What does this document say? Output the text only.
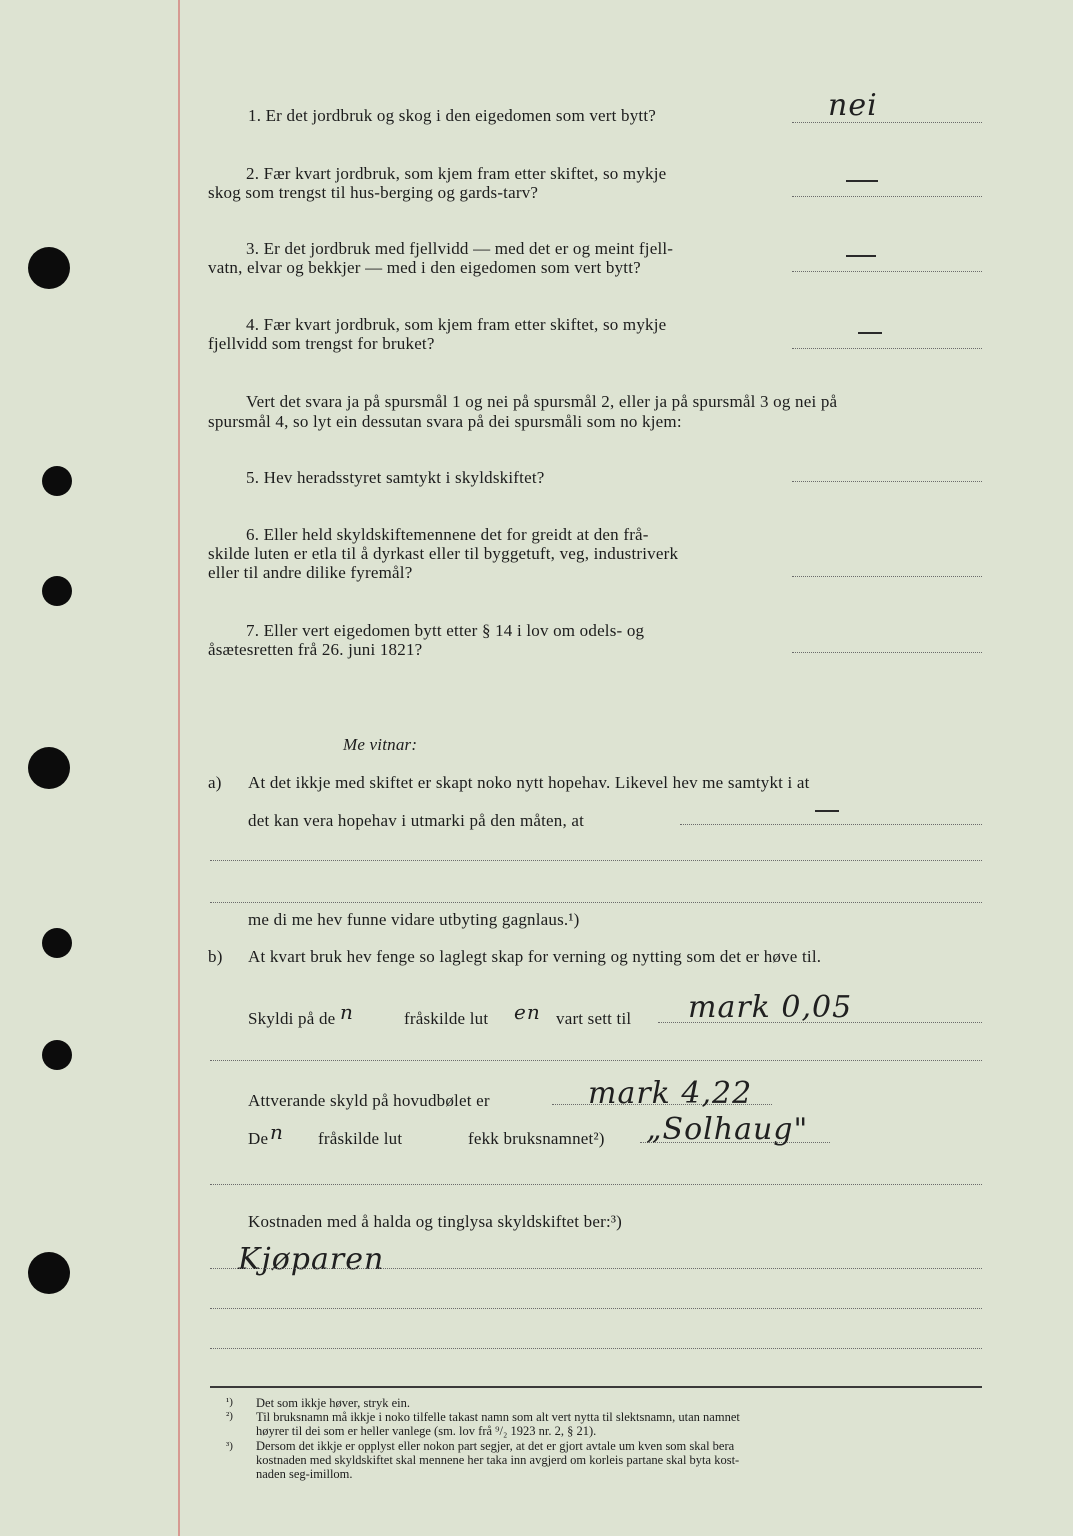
1. Er det jordbruk og skog i den eigedomen som vert bytt?	nei
2. Fær kvart jordbruk, som kjem fram etter skiftet, so mykje
skog som trengst til hus-berging og gards-tarv?
3. Er det jordbruk med fjellvidd — med det er og meint fjell-
vatn, elvar og bekkjer — med i den eigedomen som vert bytt?
4. Fær kvart jordbruk, som kjem fram etter skiftet, so mykje
fjellvidd som trengst for bruket?
Vert det svara ja på spursmål 1 og nei på spursmål 2, eller ja på spursmål 3 og nei på
spursmål 4, so lyt ein dessutan svara på dei spursmåli som no kjem:
5. Hev heradsstyret samtykt i skyldskiftet?
6. Eller held skyldskiftemennene det for greidt at den frå-
skilde luten er etla til å dyrkast eller til byggetuft, veg, industriverk
eller til andre dilike fyremål?
7. Eller vert eigedomen bytt etter § 14 i lov om odels- og
åsætesretten frå 26. juni 1821?
Me vitnar:
a) At det ikkje med skiftet er skapt noko nytt hopehav. Likevel hev me samtykt i at
det kan vera hopehav i utmarki på den måten, at
me di me hev funne vidare utbyting gagnlaus.¹)
b) At kvart bruk hev fenge so laglegt skap for verning og nytting som det er høve til.
Skyldi på de n	fråskilde lut en vart sett til mark 0,05
Attverande skyld på hovudbølet er	mark 4,22
De n fråskilde lut	fekk bruksnamnet²) „Solhaug"
Kostnaden med å halda og tinglysa skyldskiftet ber:³)
Kjøparen
¹) Det som ikkje høver, stryk ein.
²) Til bruksnamn må ikkje i noko tilfelle takast namn som alt vert nytta til slektsnamn, utan namnet
høyrer til dei som er heller vanlege (sm. lov frå ⁹/₂ 1923 nr. 2, § 21).
³) Dersom det ikkje er opplyst eller nokon part segjer, at det er gjort avtale um kven som skal bera
kostnaden med skyldskiftet skal mennene her taka inn avgjerd om korleis partane skal byta kost-
naden seg-imillom.
